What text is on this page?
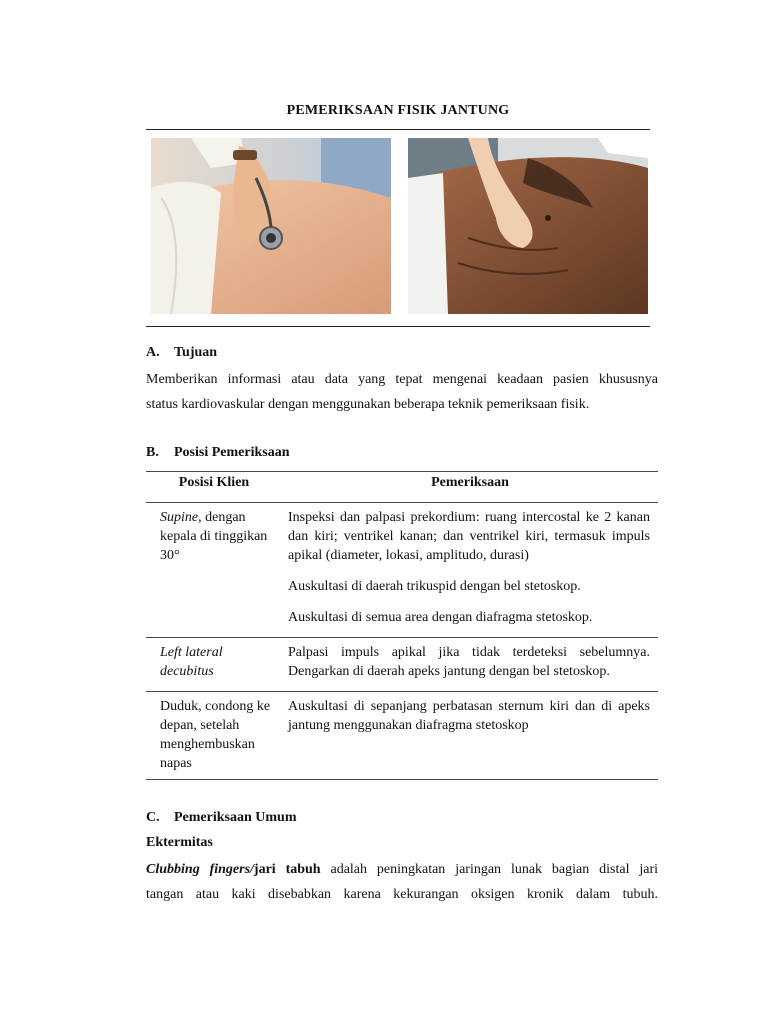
PEMERIKSAAN FISIK JANTUNG
A. Tujuan
Memberikan informasi atau data yang tepat mengenai keadaan pasien khususnya
status kardiovaskular dengan menggunakan beberapa teknik pemeriksaan fisik.
B. Posisi Pemeriksaan
Posisi Klien	Pemeriksaan
Supine, dengan kepala di tinggikan 30°	Inspeksi dan palpasi prekordium: ruang intercostal ke 2 kanan dan kiri; ventrikel kanan; dan ventrikel kiri, termasuk impuls apikal (diameter, lokasi, amplitudo, durasi)

Auskultasi di daerah trikuspid dengan bel stetoskop.

Auskultasi di semua area dengan diafragma stetoskop.

Left lateral decubitus	Palpasi impuls apikal jika tidak terdeteksi sebelumnya. Dengarkan di daerah apeks jantung dengan bel stetoskop.

Duduk, condong ke depan, setelah menghembuskan napas	Auskultasi di sepanjang perbatasan sternum kiri dan di apeks jantung menggunakan diafragma stetoskop

C. Pemeriksaan Umum
Ektermitas
Clubbing fingers/jari tabuh adalah peningkatan jaringan lunak bagian distal jari
tangan atau kaki disebabkan karena kekurangan oksigen kronik dalam tubuh.
